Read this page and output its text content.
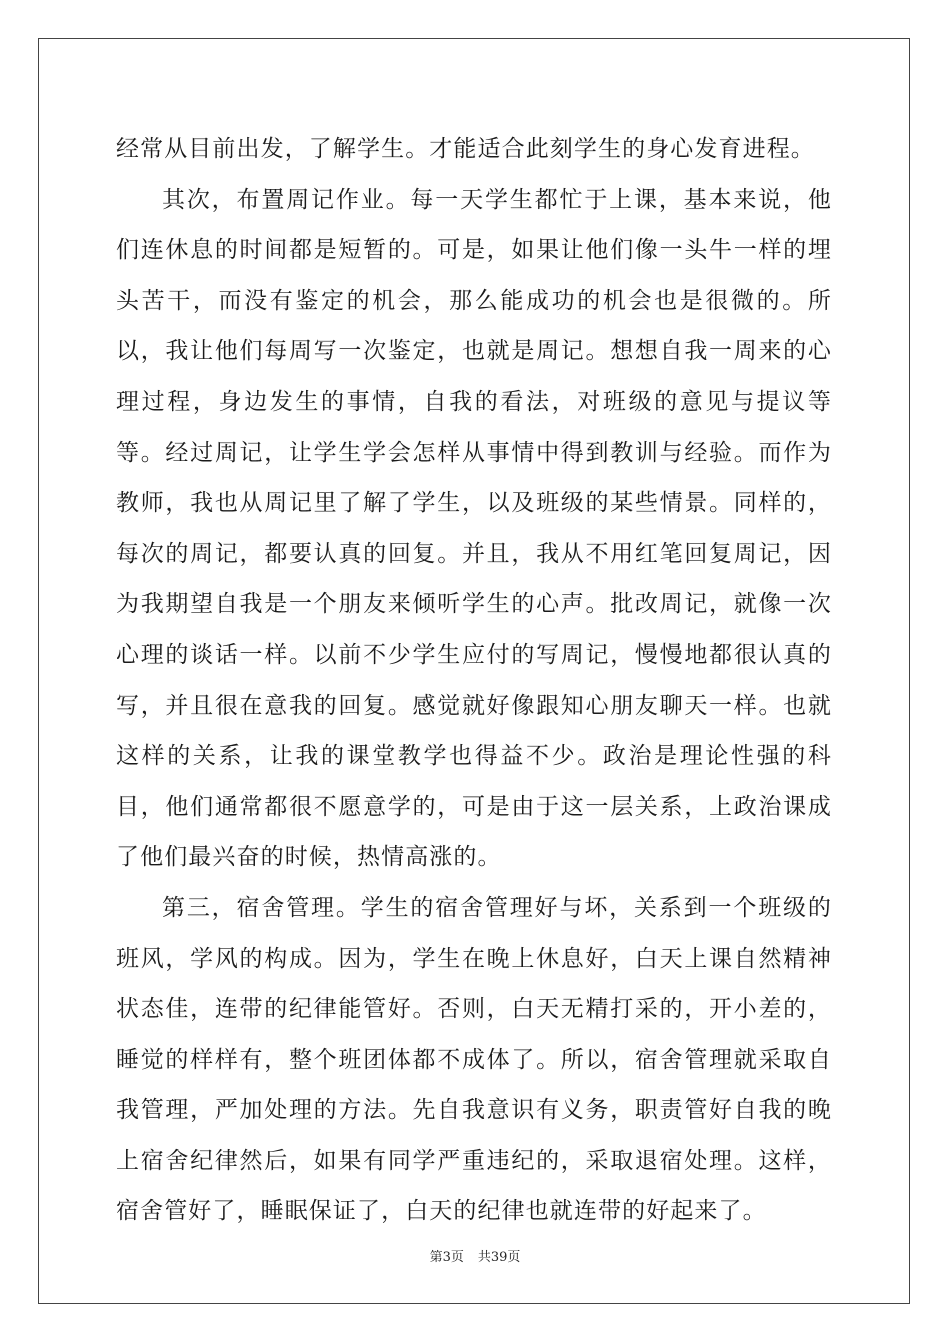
经常从目前出发，了解学生。才能适合此刻学生的身心发育进程。

其次，布置周记作业。每一天学生都忙于上课，基本来说，他们连休息的时间都是短暂的。可是，如果让他们像一头牛一样的埋头苦干，而没有鉴定的机会，那么能成功的机会也是很微的。所以，我让他们每周写一次鉴定，也就是周记。想想自我一周来的心理过程，身边发生的事情，自我的看法，对班级的意见与提议等等。经过周记，让学生学会怎样从事情中得到教训与经验。而作为教师，我也从周记里了解了学生，以及班级的某些情景。同样的，每次的周记，都要认真的回复。并且，我从不用红笔回复周记，因为我期望自我是一个朋友来倾听学生的心声。批改周记，就像一次心理的谈话一样。以前不少学生应付的写周记，慢慢地都很认真的写，并且很在意我的回复。感觉就好像跟知心朋友聊天一样。也就这样的关系，让我的课堂教学也得益不少。政治是理论性强的科目，他们通常都很不愿意学的，可是由于这一层关系，上政治课成了他们最兴奋的时候，热情高涨的。

第三，宿舍管理。学生的宿舍管理好与坏，关系到一个班级的班风，学风的构成。因为，学生在晚上休息好，白天上课自然精神状态佳，连带的纪律能管好。否则，白天无精打采的，开小差的，睡觉的样样有，整个班团体都不成体了。所以，宿舍管理就采取自我管理，严加处理的方法。先自我意识有义务，职责管好自我的晚上宿舍纪律然后，如果有同学严重违纪的，采取退宿处理。这样，宿舍管好了，睡眠保证了，白天的纪律也就连带的好起来了。

第3页 共39页
